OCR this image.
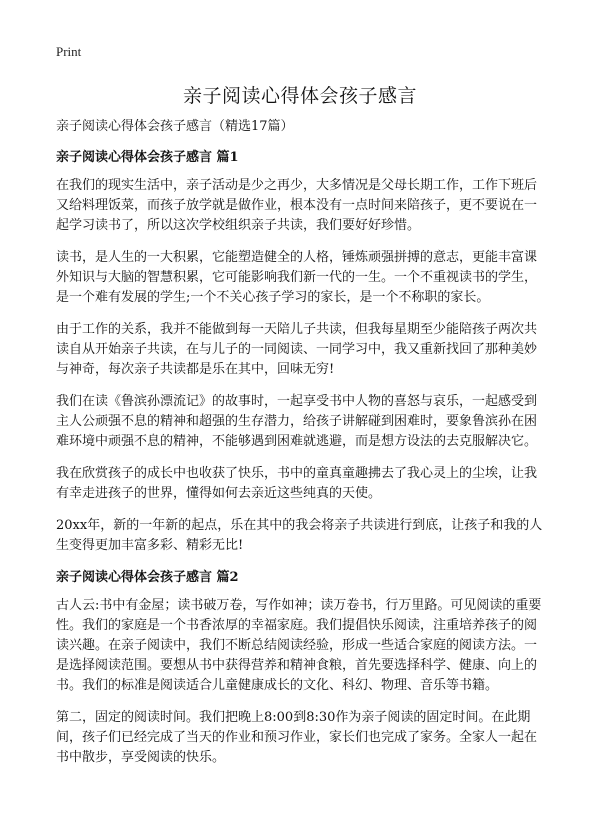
Print
亲子阅读心得体会孩子感言

亲子阅读心得体会孩子感言（精选17篇）

亲子阅读心得体会孩子感言 篇1

在我们的现实生活中，亲子活动是少之再少，大多情况是父母长期工作，工作下班后又给料理饭菜，而孩子放学就是做作业，根本没有一点时间来陪孩子，更不要说在一起学习读书了，所以这次学校组织亲子共读，我们要好好珍惜。

读书，是人生的一大积累，它能塑造健全的人格，锤炼顽强拼搏的意志，更能丰富课外知识与大脑的智慧积累，它可能影响我们新一代的一生。一个不重视读书的学生，是一个难有发展的学生;一个不关心孩子学习的家长，是一个不称职的家长。

由于工作的关系，我并不能做到每一天陪儿子共读，但我每星期至少能陪孩子两次共读自从开始亲子共读，在与儿子的一同阅读、一同学习中，我又重新找回了那种美妙与神奇，每次亲子共读都是乐在其中，回味无穷!

我们在读《鲁滨孙漂流记》的故事时，一起享受书中人物的喜怒与哀乐，一起感受到主人公顽强不息的精神和超强的生存潜力，给孩子讲解碰到困难时，要象鲁滨孙在困难环境中顽强不息的精神，不能够遇到困难就逃避，而是想方设法的去克服解决它。

我在欣赏孩子的成长中也收获了快乐，书中的童真童趣拂去了我心灵上的尘埃，让我有幸走进孩子的世界，懂得如何去亲近这些纯真的天使。

20xx年，新的一年新的起点，乐在其中的我会将亲子共读进行到底，让孩子和我的人生变得更加丰富多彩、精彩无比!

亲子阅读心得体会孩子感言 篇2

古人云:书中有金屋；读书破万卷，写作如神；读万卷书，行万里路。可见阅读的重要性。我们的家庭是一个书香浓厚的幸福家庭。我们提倡快乐阅读，注重培养孩子的阅读兴趣。在亲子阅读中，我们不断总结阅读经验，形成一些适合家庭的阅读方法。一是选择阅读范围。要想从书中获得营养和精神食粮，首先要选择科学、健康、向上的书。我们的标准是阅读适合儿童健康成长的文化、科幻、物理、音乐等书籍。

第二，固定的阅读时间。我们把晚上8:00到8:30作为亲子阅读的固定时间。在此期间，孩子们已经完成了当天的作业和预习作业，家长们也完成了家务。全家人一起在书中散步，享受阅读的快乐。
